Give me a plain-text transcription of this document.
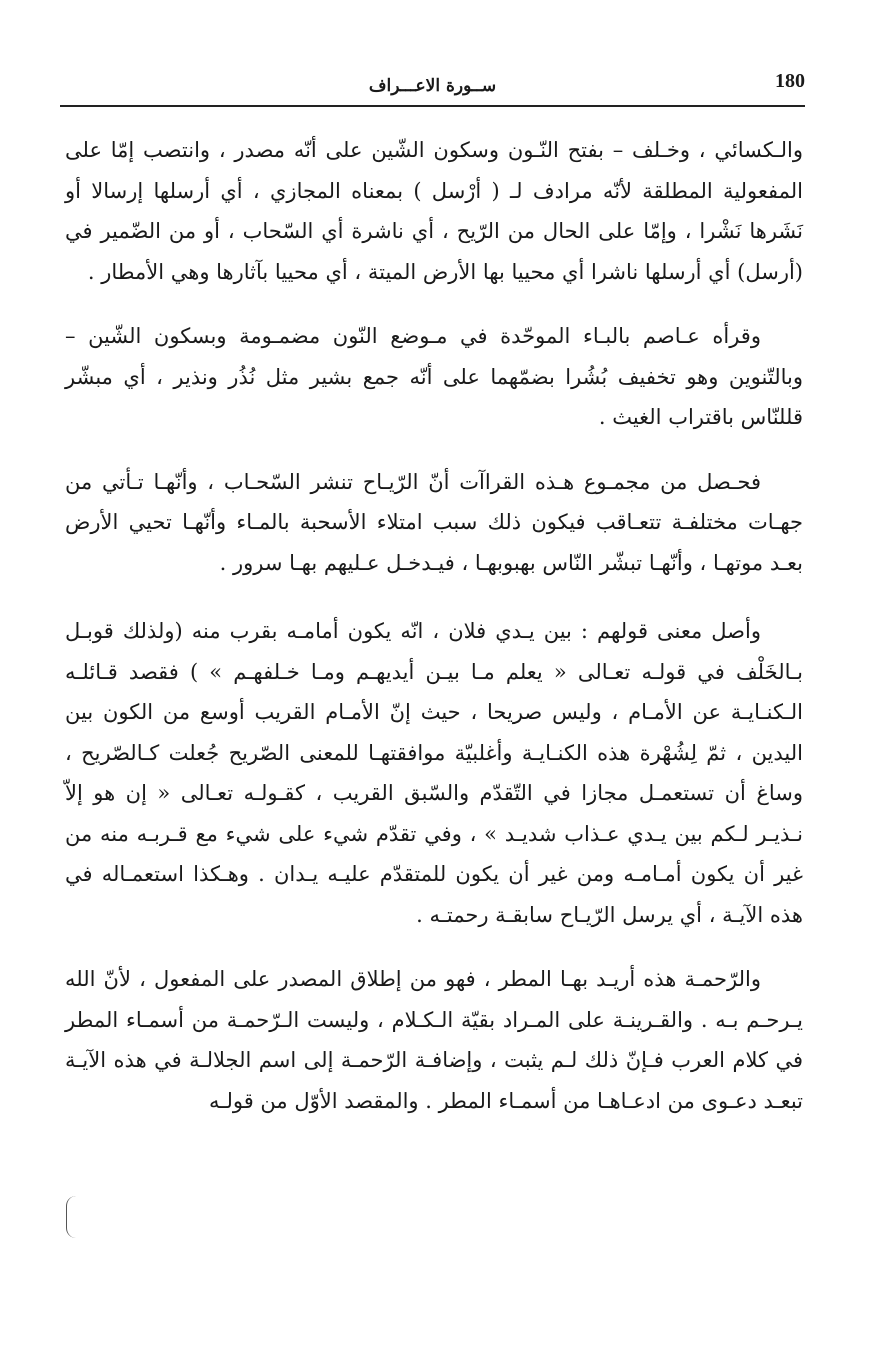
180
ســورة الاعـــراف

والـكسائي ، وخـلف – بفتح النّـون وسكون الشّين على أنّه مصدر ، وانتصب إمّا على المفعولية المطلقة لأنّه مرادف لـ ( أرْسل ) بمعناه المجازي ، أي أرسلها إرسالا أو نَشَرها نَشْرا ، وإمّا على الحال من الرّيح ، أي ناشرة أي السّحاب ، أو من الضّمير في (أرسل) أي أرسلها ناشرا أي محييا بها الأرض الميتة ، أي محييا بآثارها وهي الأمطار .

وقرأه عـاصم بالبـاء الموحّدة في مـوضع النّون مضمـومة وبسكون الشّين – وبالتّنوين وهو تخفيف بُشُرا بضمّهما على أنّه جمع بشير مثل نُذُر ونذير ، أي مبشّر قللنّاس باقتراب الغيث .

فحـصل من مجمـوع هـذه القراآت أنّ الرّيـاح تنشر السّحـاب ، وأنّهـا تـأتي من جهـات مختلفـة تتعـاقب فيكون ذلك سبب امتلاء الأسحبة بالمـاء وأنّهـا تحيي الأرض بعـد موتهـا ، وأنّهـا تبشّر النّاس بهبوبهـا ، فيـدخـل عـليهم بهـا سرور .

وأصل معنى قولهم : بين يـدي فلان ، انّه يكون أمامـه بقرب منه (ولذلك قوبـل بـالخَلْف في قولـه تعـالى « يعلم مـا بيـن أيديهـم ومـا خـلفهـم » ) فقصد قـائلـه الـكنـايـة عن الأمـام ، وليس صريحا ، حيث إنّ الأمـام القريب أوسع من الكون بين اليدين ، ثمّ لِشُهْرة هذه الكنـايـة وأغلبيّة موافقتهـا للمعنى الصّريح جُعلت كـالصّريح ، وساغ أن تستعمـل مجازا في التّقدّم والسّبق القريب ، كقـولـه تعـالى « إن هو إلاّ نـذيـر لـكم بين يـدي عـذاب شديـد » ، وفي تقدّم شيء على شيء مع قـربـه منه من غير أن يكون أمـامـه ومن غير أن يكون للمتقدّم عليـه يـدان . وهـكذا استعمـاله في هذه الآيـة ، أي يرسل الرّيـاح سابقـة رحمتـه .

والرّحمـة هذه أريـد بهـا المطر ، فهو من إطلاق المصدر على المفعول ، لأنّ الله يـرحـم بـه . والقـرينـة على المـراد بقيّة الـكـلام ، وليست الـرّحمـة من أسمـاء المطر في كلام العرب فـإنّ ذلك لـم يثبت ، وإضافـة الرّحمـة إلى اسم الجلالـة في هذه الآيـة تبعـد دعـوى من ادعـاهـا من أسمـاء المطر . والمقصد الأوّل من قولـه
